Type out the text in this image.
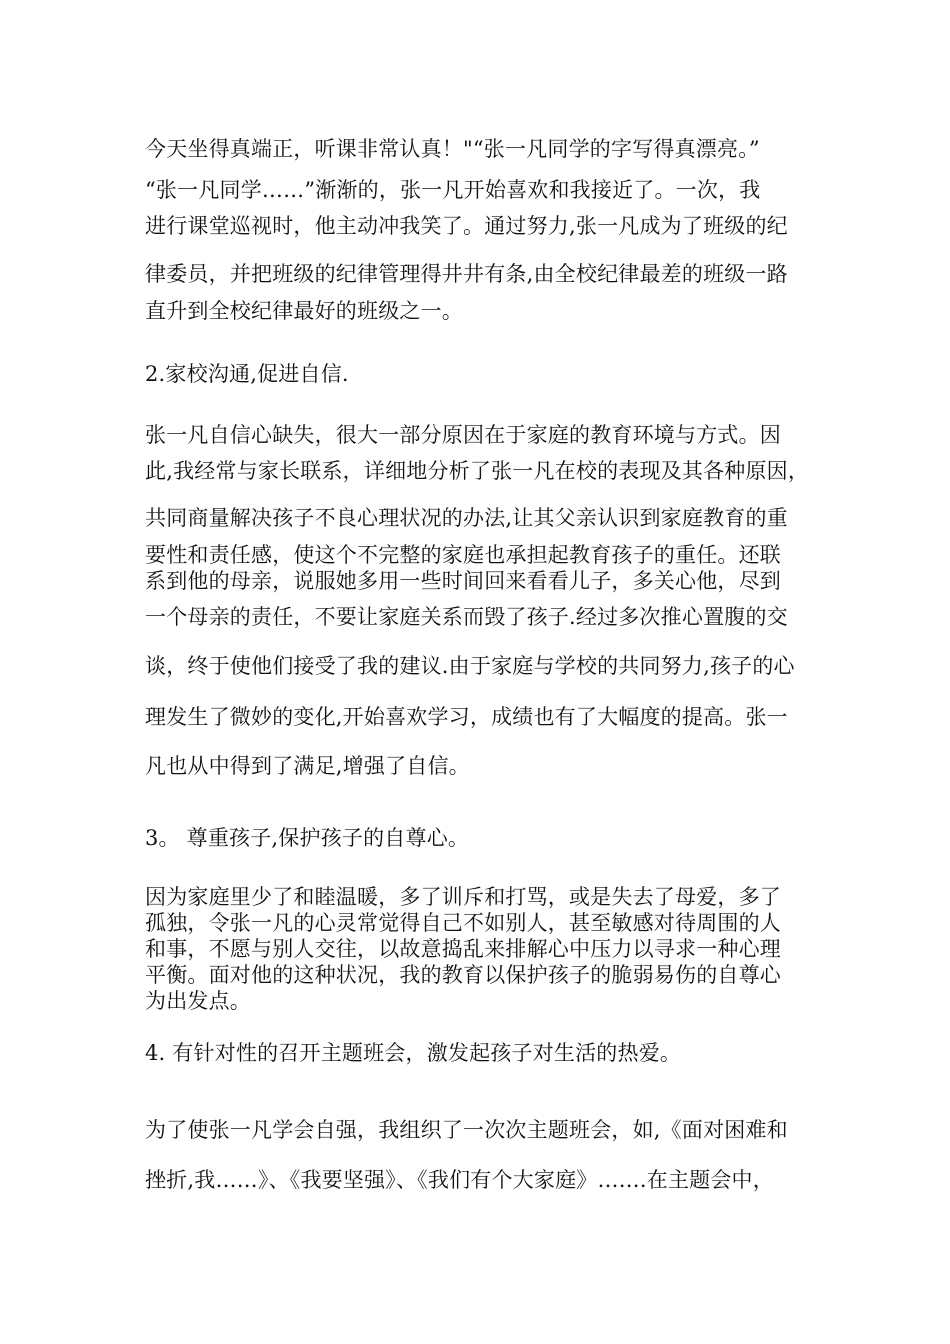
今天坐得真端正，听课非常认真！"“张一凡同学的字写得真漂亮。”
“张一凡同学……”渐渐的，张一凡开始喜欢和我接近了。一次，我
进行课堂巡视时，他主动冲我笑了。通过努力,张一凡成为了班级的纪
律委员，并把班级的纪律管理得井井有条,由全校纪律最差的班级一路
直升到全校纪律最好的班级之一。
2.家校沟通,促进自信.
张一凡自信心缺失，很大一部分原因在于家庭的教育环境与方式。因
此,我经常与家长联系，详细地分析了张一凡在校的表现及其各种原因，
共同商量解决孩子不良心理状况的办法,让其父亲认识到家庭教育的重
要性和责任感，使这个不完整的家庭也承担起教育孩子的重任。还联
系到他的母亲，说服她多用一些时间回来看看儿子，多关心他，尽到
一个母亲的责任，不要让家庭关系而毁了孩子.经过多次推心置腹的交
谈，终于使他们接受了我的建议.由于家庭与学校的共同努力,孩子的心
理发生了微妙的变化,开始喜欢学习，成绩也有了大幅度的提高。张一
凡也从中得到了满足,增强了自信。
3。 尊重孩子,保护孩子的自尊心。
因为家庭里少了和睦温暖，多了训斥和打骂，或是失去了母爱，多了
孤独，令张一凡的心灵常觉得自己不如别人，甚至敏感对待周围的人
和事，不愿与别人交往，以故意捣乱来排解心中压力以寻求一种心理
平衡。面对他的这种状况，我的教育以保护孩子的脆弱易伤的自尊心
为出发点。
4. 有针对性的召开主题班会，激发起孩子对生活的热爱。
为了使张一凡学会自强，我组织了一次次主题班会，如,《面对困难和
挫折,我……》、《我要坚强》、《我们有个大家庭》…….在主题会中，
